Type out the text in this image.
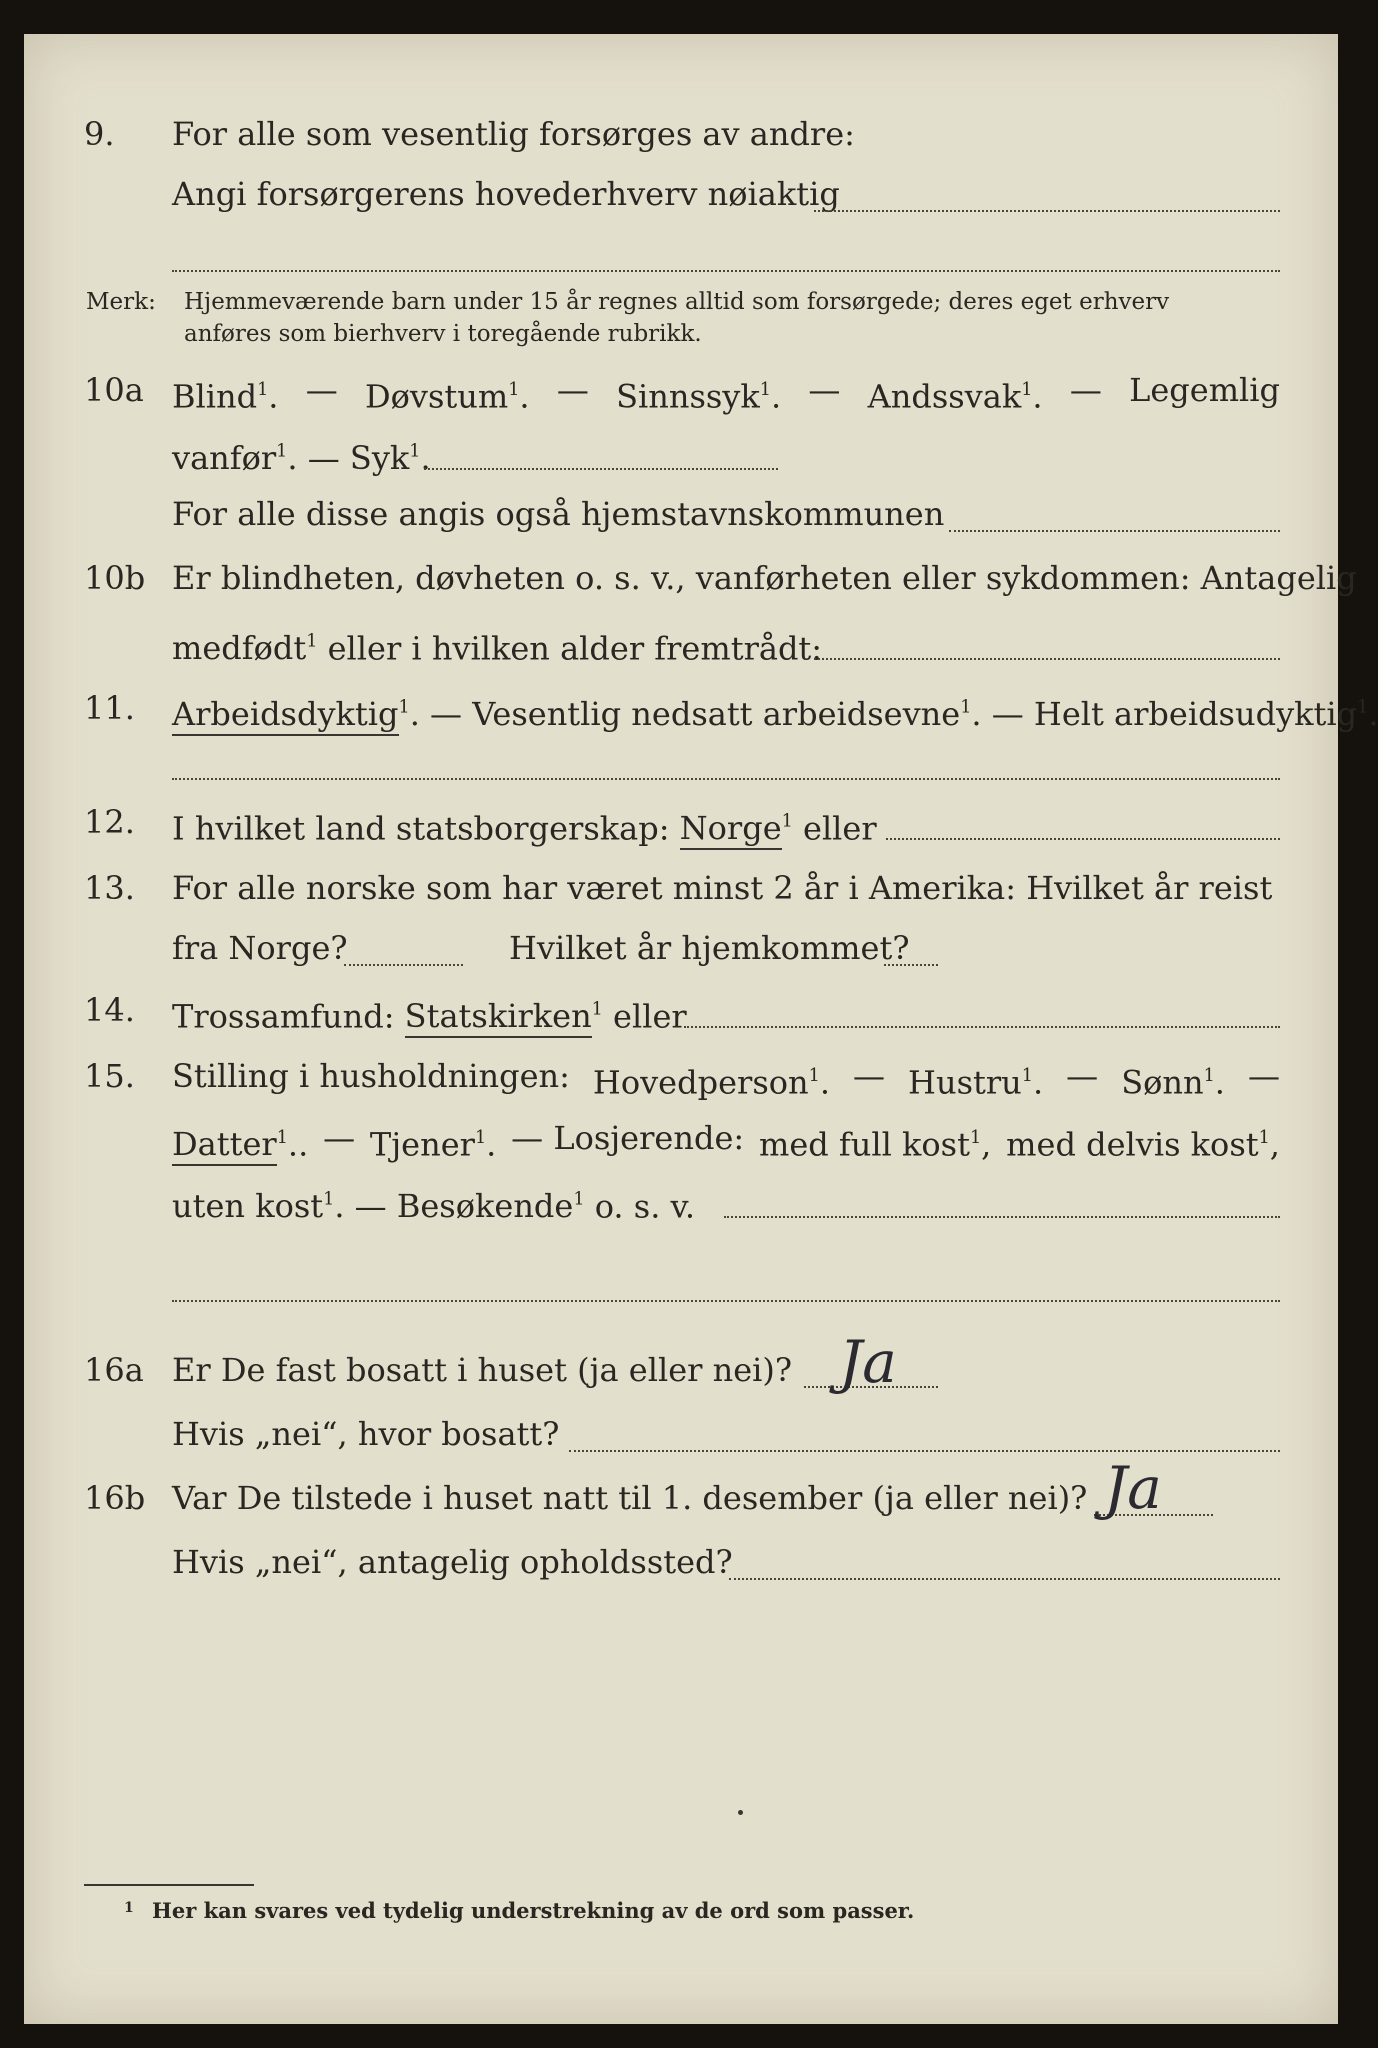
9. For alle som vesentlig forsørges av andre:
Angi forsørgerens hovederhverv nøiaktig
Merk: Hjemmeværende barn under 15 år regnes alltid som forsørgede; deres eget erhverv
anføres som bierhverv i toregående rubrikk.
10a Blind$^1$. — Døvstum$^1$. — Sinnssyk$^1$. — Andssvak$^1$. — Legemlig
vanfør$^1$. — Syk$^1$.
For alle disse angis også hjemstavnskommunen
10b Er blindheten, døvheten o. s. v., vanførheten eller sykdommen: Antagelig
medfødt$^1$ eller i hvilken alder fremtrådt:
11. Arbeidsdyktig$^1$. — Vesentlig nedsatt arbeidsevne$^1$. — Helt arbeidsudyktig$^1$.
12. I hvilket land statsborgerskap: Norge$^1$ eller
13. For alle norske som har været minst 2 år i Amerika: Hvilket år reist
fra Norge?	Hvilket år hjemkommet?
14. Trossamfund: Statskirken$^1$ eller
15. Stilling i husholdningen: Hovedperson$^1$. — Hustru$^1$. — Sønn$^1$. —
Datter$^1$.. — Tjener$^1$. — Losjerende: med full kost$^1$, med delvis kost$^1$,
uten kost$^1$. — Besøkende$^1$ o. s. v.
16a Er De fast bosatt i huset (ja eller nei)? Ja
Hvis „nei“, hvor bosatt?
16b Var De tilstede i huset natt til 1. desember (ja eller nei)? Ja
Hvis „nei“, antagelig opholdssted?
1 Her kan svares ved tydelig understrekning av de ord som passer.
